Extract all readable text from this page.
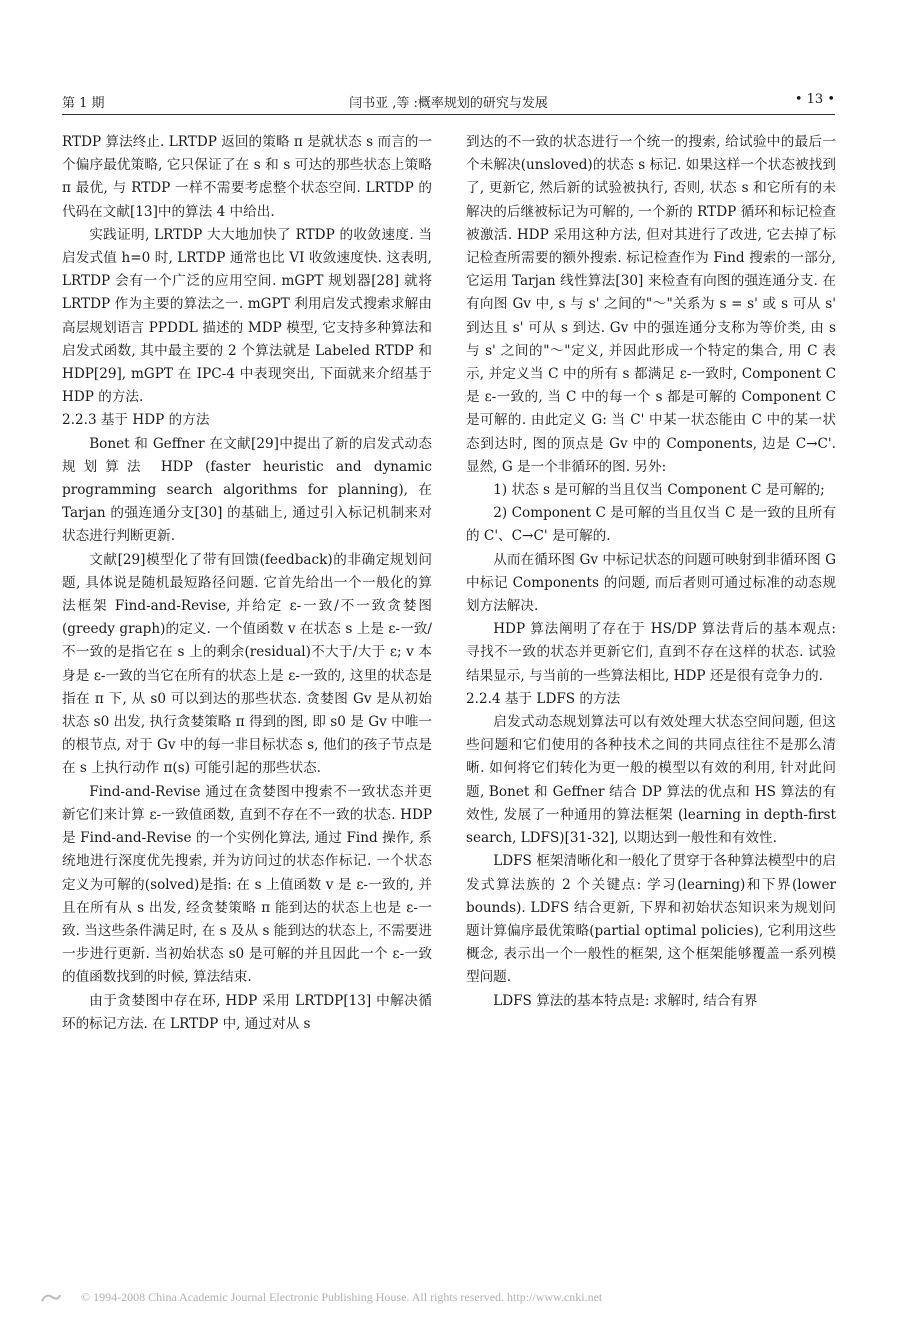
第 1 期	闫书亚 ,等 :概率规划的研究与发展	• 13 •

RTDP 算法终止. LRTDP 返回的策略 π 是就状态 s 而言的一个偏序最优策略, 它只保证了在 s 和 s 可达的那些状态上策略 π 最优, 与 RTDP 一样不需要考虑整个状态空间. LRTDP 的代码在文献[13]中的算法 4 中给出.

实践证明, LRTDP 大大地加快了 RTDP 的收敛速度. 当启发式值 h=0 时, LRTDP 通常也比 VI 收敛速度快. 这表明, LRTDP 会有一个广泛的应用空间. mGPT 规划器[28] 就将 LRTDP 作为主要的算法之一. mGPT 利用启发式搜索求解由高层规划语言 PPDDL 描述的 MDP 模型, 它支持多种算法和启发式函数, 其中最主要的 2 个算法就是 Labeled RTDP 和 HDP[29], mGPT 在 IPC-4 中表现突出, 下面就来介绍基于 HDP 的方法.

2.2.3 基于 HDP 的方法

Bonet 和 Geffner 在文献[29]中提出了新的启发式动态规划算法 HDP (faster heuristic and dynamic programming search algorithms for planning), 在 Tarjan 的强连通分支[30] 的基础上, 通过引入标记机制来对状态进行判断更新.

文献[29]模型化了带有回馈(feedback)的非确定规划问题, 具体说是随机最短路径问题. 它首先给出一个一般化的算法框架 Find-and-Revise, 并给定 ε-一致/不一致贪婪图(greedy graph)的定义. 一个值函数 v 在状态 s 上是 ε-一致/不一致的是指它在 s 上的剩余(residual)不大于/大于 ε; v 本身是 ε-一致的当它在所有的状态上是 ε-一致的, 这里的状态是指在 π 下, 从 s0 可以到达的那些状态. 贪婪图 Gv 是从初始状态 s0 出发, 执行贪婪策略 π 得到的图, 即 s0 是 Gv 中唯一的根节点, 对于 Gv 中的每一非目标状态 s, 他们的孩子节点是在 s 上执行动作 π(s) 可能引起的那些状态.

Find-and-Revise 通过在贪婪图中搜索不一致状态并更新它们来计算 ε-一致值函数, 直到不存在不一致的状态. HDP 是 Find-and-Revise 的一个实例化算法, 通过 Find 操作, 系统地进行深度优先搜索, 并为访问过的状态作标记. 一个状态定义为可解的(solved)是指: 在 s 上值函数 v 是 ε-一致的, 并且在所有从 s 出发, 经贪婪策略 π 能到达的状态上也是 ε-一致. 当这些条件满足时, 在 s 及从 s 能到达的状态上, 不需要进一步进行更新. 当初始状态 s0 是可解的并且因此一个 ε-一致的值函数找到的时候, 算法结束.

由于贪婪图中存在环, HDP 采用 LRTDP[13] 中解决循环的标记方法. 在 LRTDP 中, 通过对从 s

到达的不一致的状态进行一个统一的搜索, 给试验中的最后一个未解决(unsloved)的状态 s 标记. 如果这样一个状态被找到了, 更新它, 然后新的试验被执行, 否则, 状态 s 和它所有的未解决的后继被标记为可解的, 一个新的 RTDP 循环和标记检查被激活. HDP 采用这种方法, 但对其进行了改进, 它去掉了标记检查所需要的额外搜索. 标记检查作为 Find 搜索的一部分, 它运用 Tarjan 线性算法[30] 来检查有向图的强连通分支. 在有向图 Gv 中, s 与 s' 之间的"～"关系为 s = s' 或 s 可从 s' 到达且 s' 可从 s 到达. Gv 中的强连通分支称为等价类, 由 s 与 s' 之间的"～"定义, 并因此形成一个特定的集合, 用 C 表示, 并定义当 C 中的所有 s 都满足 ε-一致时, Component C 是 ε-一致的, 当 C 中的每一个 s 都是可解的 Component C 是可解的. 由此定义 G: 当 C' 中某一状态能由 C 中的某一状态到达时, 图的顶点是 Gv 中的 Components, 边是 C→C'. 显然, G 是一个非循环的图. 另外:

1) 状态 s 是可解的当且仅当 Component C 是可解的;

2) Component C 是可解的当且仅当 C 是一致的且所有的 C'、C→C' 是可解的.

从而在循环图 Gv 中标记状态的问题可映射到非循环图 G 中标记 Components 的问题, 而后者则可通过标准的动态规划方法解决.

HDP 算法阐明了存在于 HS/DP 算法背后的基本观点: 寻找不一致的状态并更新它们, 直到不存在这样的状态. 试验结果显示, 与当前的一些算法相比, HDP 还是很有竞争力的.

2.2.4 基于 LDFS 的方法

启发式动态规划算法可以有效处理大状态空间问题, 但这些问题和它们使用的各种技术之间的共同点往往不是那么清晰. 如何将它们转化为更一般的模型以有效的利用, 针对此问题, Bonet 和 Geffner 结合 DP 算法的优点和 HS 算法的有效性, 发展了一种通用的算法框架 (learning in depth-first search, LDFS)[31-32], 以期达到一般性和有效性.

LDFS 框架清晰化和一般化了贯穿于各种算法模型中的启发式算法族的 2 个关键点: 学习(learning)和下界(lower bounds). LDFS 结合更新, 下界和初始状态知识来为规划问题计算偏序最优策略(partial optimal policies), 它利用这些概念, 表示出一个一般性的框架, 这个框架能够覆盖一系列模型问题.

LDFS 算法的基本特点是: 求解时, 结合有界

© 1994-2008 China Academic Journal Electronic Publishing House. All rights reserved. http://www.cnki.net
